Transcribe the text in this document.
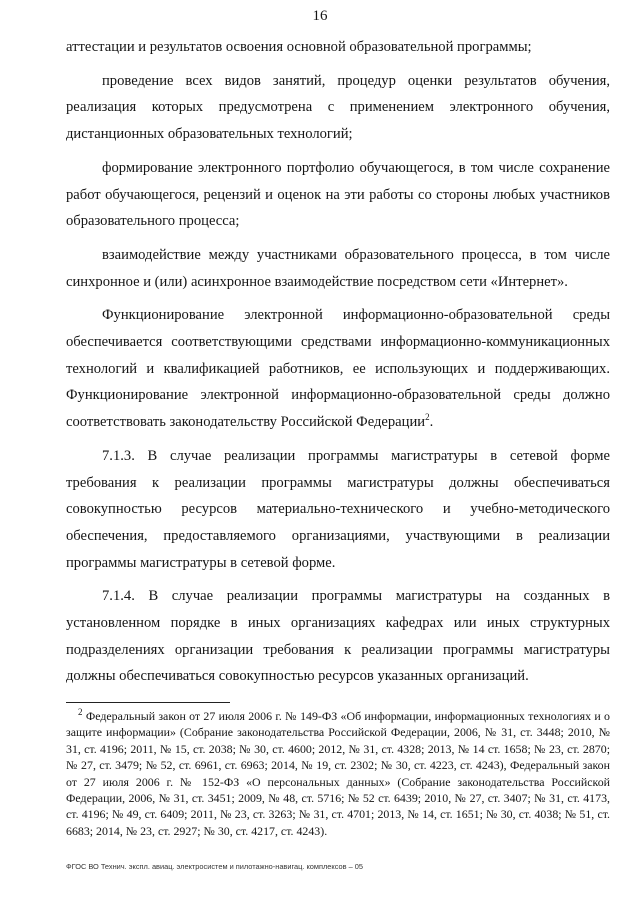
16

аттестации и результатов освоения основной образовательной программы;

проведение всех видов занятий, процедур оценки результатов обучения, реализация которых предусмотрена с применением электронного обучения, дистанционных образовательных технологий;

формирование электронного портфолио обучающегося, в том числе сохранение работ обучающегося, рецензий и оценок на эти работы со стороны любых участников образовательного процесса;

взаимодействие между участниками образовательного процесса, в том числе синхронное и (или) асинхронное взаимодействие посредством сети «Интернет».

Функционирование электронной информационно-образовательной среды обеспечивается соответствующими средствами информационно-коммуникационных технологий и квалификацией работников, ее использующих и поддерживающих. Функционирование электронной информационно-образовательной среды должно соответствовать законодательству Российской Федерации$^2$.

7.1.3. В случае реализации программы магистратуры в сетевой форме требования к реализации программы магистратуры должны обеспечиваться совокупностью ресурсов материально-технического и учебно-методического обеспечения, предоставляемого организациями, участвующими в реализации программы магистратуры в сетевой форме.

7.1.4. В случае реализации программы магистратуры на созданных в установленном порядке в иных организациях кафедрах или иных структурных подразделениях организации требования к реализации программы магистратуры должны обеспечиваться совокупностью ресурсов указанных организаций.

$^2$ Федеральный закон от 27 июля 2006 г. № 149-ФЗ «Об информации, информационных технологиях и о защите информации» (Собрание законодательства Российской Федерации, 2006, № 31, ст. 3448; 2010, № 31, ст. 4196; 2011, № 15, ст. 2038; № 30, ст. 4600; 2012, № 31, ст. 4328; 2013, № 14 ст. 1658; № 23, ст. 2870; № 27, ст. 3479; № 52, ст. 6961, ст. 6963; 2014, № 19, ст. 2302; № 30, ст. 4223, ст. 4243), Федеральный закон от 27 июля 2006 г. № 152-ФЗ «О персональных данных» (Собрание законодательства Российской Федерации, 2006, № 31, ст. 3451; 2009, № 48, ст. 5716; № 52 ст. 6439; 2010, № 27, ст. 3407; № 31, ст. 4173, ст. 4196; № 49, ст. 6409; 2011, № 23, ст. 3263; № 31, ст. 4701; 2013, № 14, ст. 1651; № 30, ст. 4038; № 51, ст. 6683; 2014, № 23, ст. 2927; № 30, ст. 4217, ст. 4243).

ФГОС ВО Технич. экспл. авиац. электросистем и пилотажно-навигац. комплексов – 05
